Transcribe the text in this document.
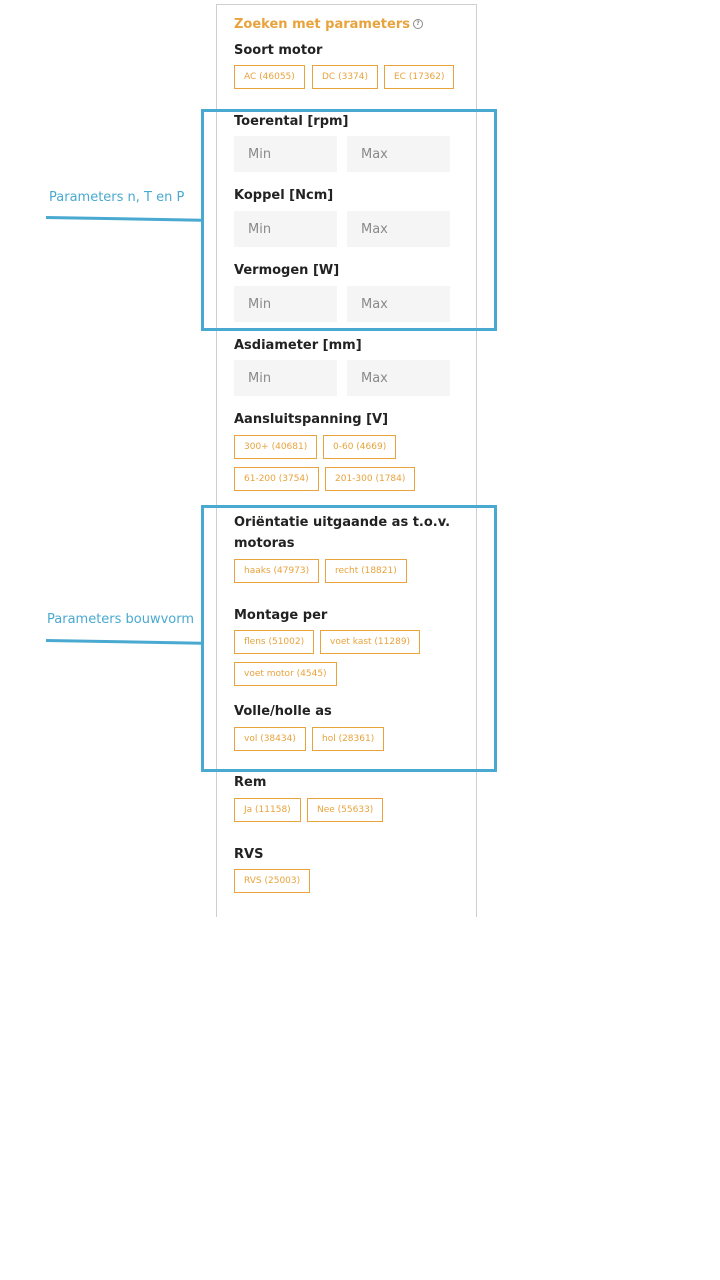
Zoeken met parameters ?
Soort motor
AC (46055)	DC (3374)	EC (17362)
Toerental [rpm]
Min
Max
Koppel [Ncm]
Min
Max
Vermogen [W]
Min
Max
Asdiameter [mm]
Min
Max
Aansluitspanning [V]
300+ (40681)	0-60 (4669)
61-200 (3754)	201-300 (1784)
Oriëntatie uitgaande as t.o.v.
motoras
haaks (47973)	recht (18821)
Montage per
flens (51002)	voet kast (11289)
voet motor (4545)
Volle/holle as
vol (38434)	hol (28361)
Rem
Ja (11158)	Nee (55633)
RVS
RVS (25003)
Parameters n, T en P
Parameters bouwvorm
